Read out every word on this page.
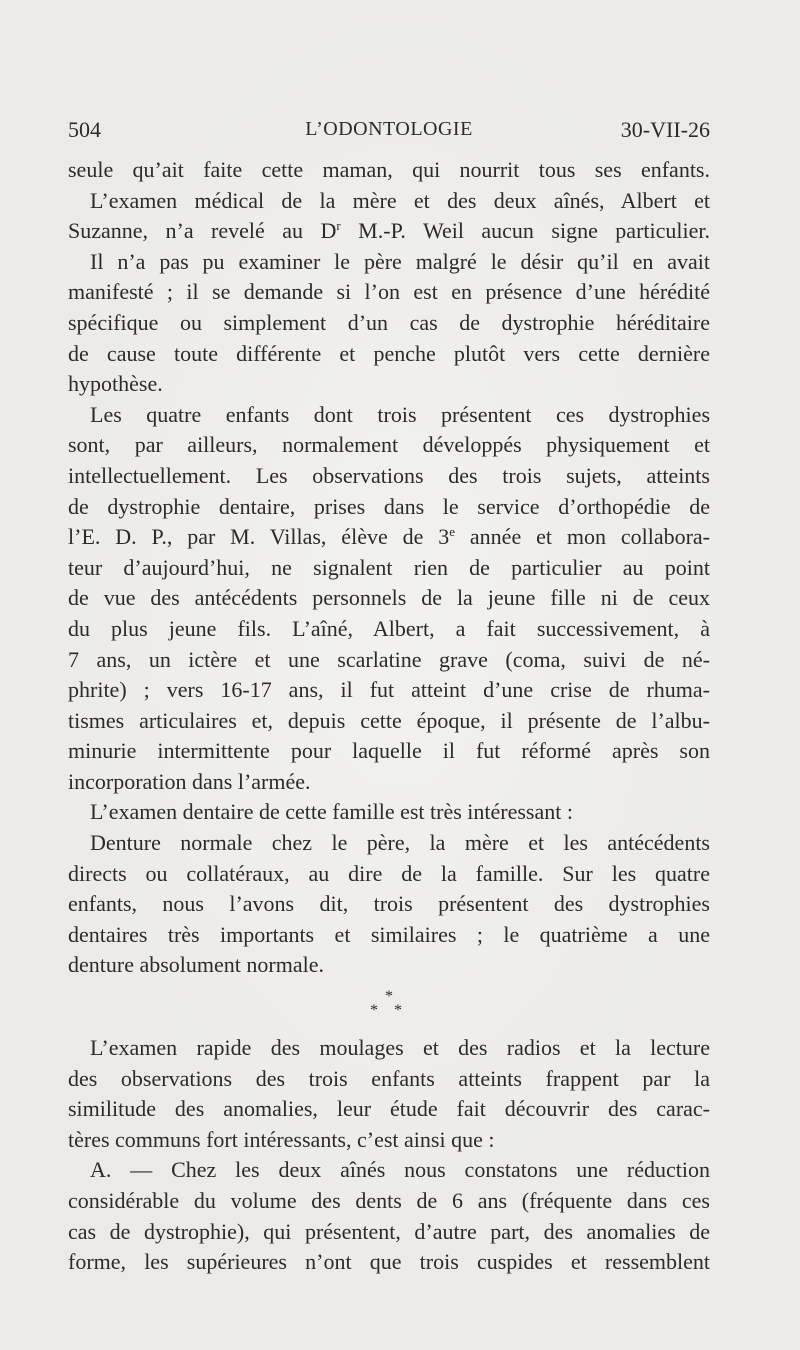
504	L’ODONTOLOGIE	30-VII-26
seule qu’ait faite cette maman, qui nourrit tous ses enfants.
L’examen médical de la mère et des deux aînés, Albert et
Suzanne, n’a revelé au $D^r$ M.-P. Weil aucun signe particulier.
Il n’a pas pu examiner le père malgré le désir qu’il en avait
manifesté ; il se demande si l’on est en présence d’une hérédité
spécifique ou simplement d’un cas de dystrophie héréditaire
de cause toute différente et penche plutôt vers cette dernière
hypothèse.
Les quatre enfants dont trois présentent ces dystrophies
sont, par ailleurs, normalement développés physiquement et
intellectuellement. Les observations des trois sujets, atteints
de dystrophie dentaire, prises dans le service d’orthopédie de
l’E. D. P., par M. Villas, élève de 3e année et mon collabora-
teur d’aujourd’hui, ne signalent rien de particulier au point
de vue des antécédents personnels de la jeune fille ni de ceux
du plus jeune fils. L’aîné, Albert, a fait successivement, à
7 ans, un ictère et une scarlatine grave (coma, suivi de né-
phrite) ; vers 16-17 ans, il fut atteint d’une crise de rhuma-
tismes articulaires et, depuis cette époque, il présente de l’albu-
minurie intermittente pour laquelle il fut réformé après son
incorporation dans l’armée.
L’examen dentaire de cette famille est très intéressant :
Denture normale chez le père, la mère et les antécédents
directs ou collatéraux, au dire de la famille. Sur les quatre
enfants, nous l’avons dit, trois présentent des dystrophies
dentaires très importants et similaires ; le quatrième a une
denture absolument normale.
*
* *
L’examen rapide des moulages et des radios et la lecture
des observations des trois enfants atteints frappent par la
similitude des anomalies, leur étude fait découvrir des carac-
tères communs fort intéressants, c’est ainsi que :
A. — Chez les deux aînés nous constatons une réduction
considérable du volume des dents de 6 ans (fréquente dans ces
cas de dystrophie), qui présentent, d’autre part, des anomalies de
forme, les supérieures n’ont que trois cuspides et ressemblent
